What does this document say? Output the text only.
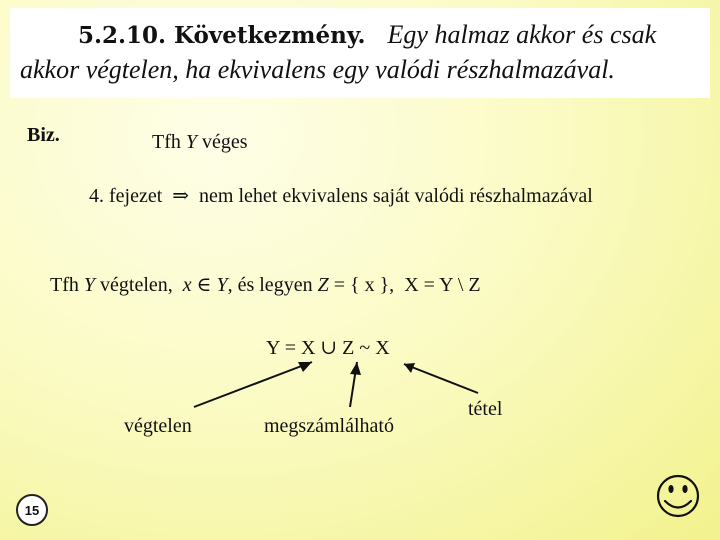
5.2.10. Következmény. Egy halmaz akkor és csak
akkor végtelen, ha ekvivalens egy valódi részhalmazával.
Biz.	Tfh Y véges
4. fejezet ⇒ nem lehet ekvivalens saját valódi részhalmazával
Tfh Y végtelen, x ∈ Y, és legyen Z = { x }, X = Y \ Z
Y = X ∪ Z ~ X
végtelen	megszámlálható
tétel
15
